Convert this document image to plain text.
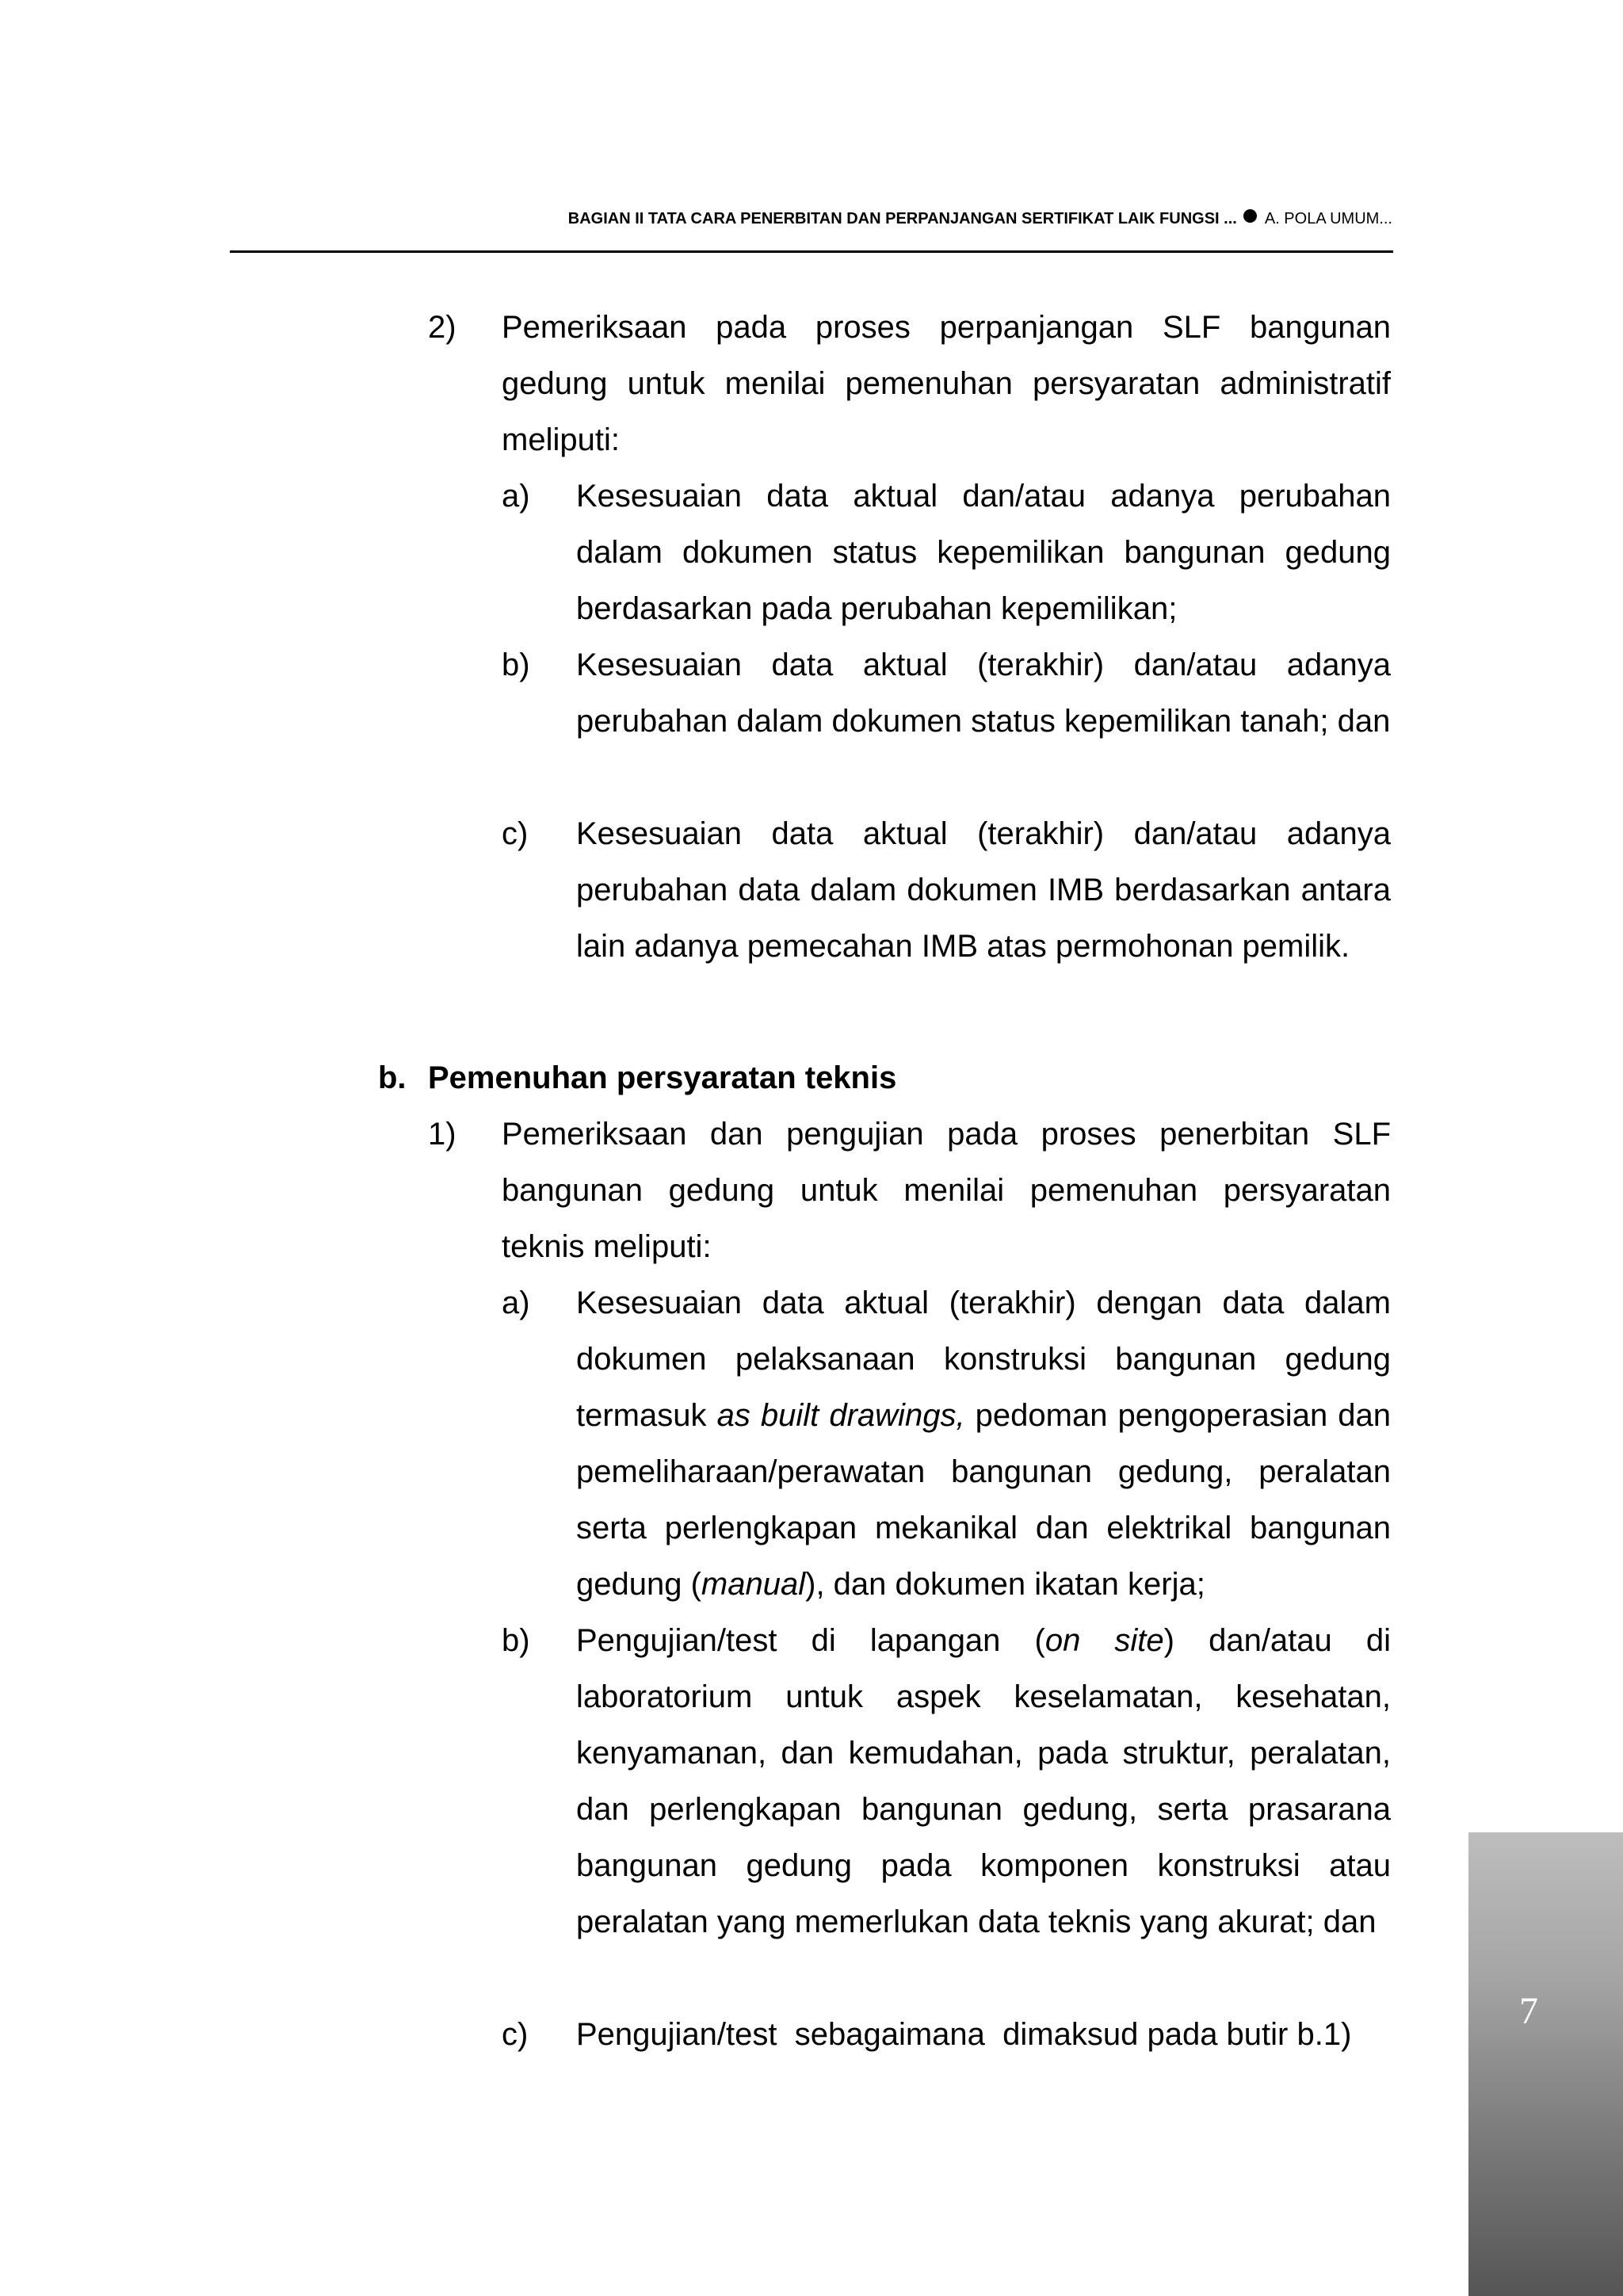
BAGIAN II TATA CARA PENERBITAN DAN PERPANJANGAN SERTIFIKAT LAIK FUNGSI ... A. POLA UMUM...
2) Pemeriksaan pada proses perpanjangan SLF bangunan gedung untuk menilai pemenuhan persyaratan administratif meliputi:

a) Kesesuaian data aktual dan/atau adanya perubahan dalam dokumen status kepemilikan bangunan gedung berdasarkan pada perubahan kepemilikan;

b) Kesesuaian data aktual (terakhir) dan/atau adanya perubahan dalam dokumen status kepemilikan tanah; dan

c) Kesesuaian data aktual (terakhir) dan/atau adanya perubahan data dalam dokumen IMB berdasarkan antara lain adanya pemecahan IMB atas permohonan pemilik.

b. Pemenuhan persyaratan teknis

1) Pemeriksaan dan pengujian pada proses penerbitan SLF bangunan gedung untuk menilai pemenuhan persyaratan teknis meliputi:

a) Kesesuaian data aktual (terakhir) dengan data dalam dokumen pelaksanaan konstruksi bangunan gedung termasuk as built drawings, pedoman pengoperasian dan pemeliharaan/perawatan bangunan gedung, peralatan serta perlengkapan mekanikal dan elektrikal bangunan gedung (manual), dan dokumen ikatan kerja;

b) Pengujian/test di lapangan (on site) dan/atau di laboratorium untuk aspek keselamatan, kesehatan, kenyamanan, dan kemudahan, pada struktur, peralatan, dan perlengkapan bangunan gedung, serta prasarana bangunan gedung pada komponen konstruksi atau peralatan yang memerlukan data teknis yang akurat; dan

c) Pengujian/test  sebagaimana  dimaksud pada butir b.1)

7
